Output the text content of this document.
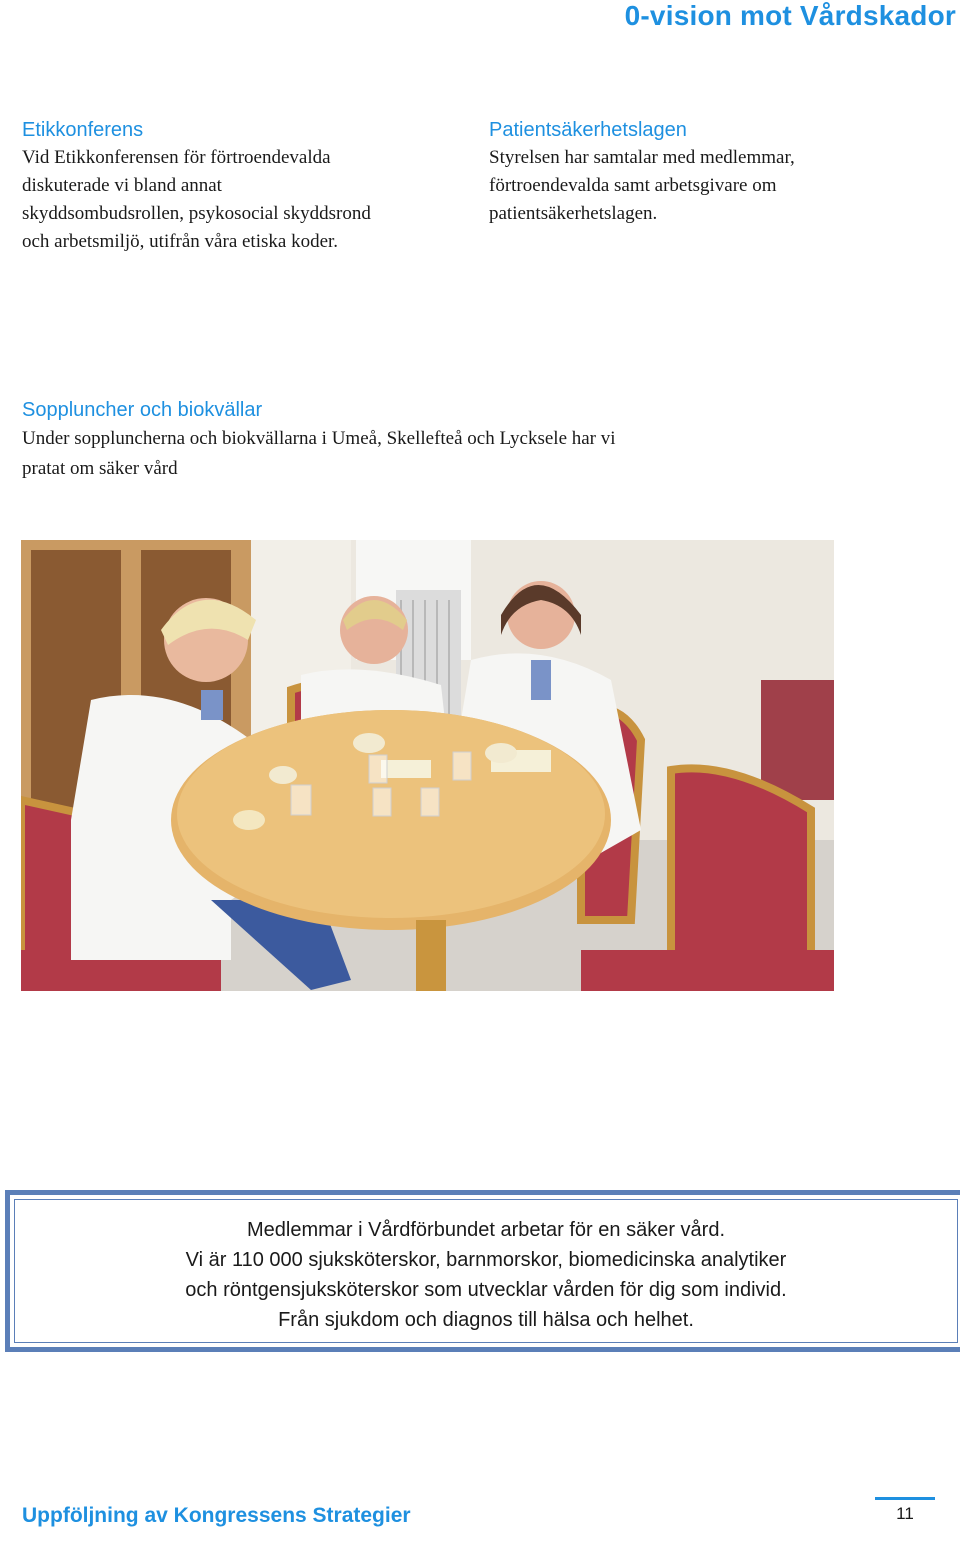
0-vision mot Vårdskador
Etikkonferens
Vid Etikkonferensen för förtroendevalda
diskuterade vi bland annat
skyddsombudsrollen, psykosocial skyddsrond
och arbetsmiljö, utifrån våra etiska koder.
Patientsäkerhetslagen
Styrelsen har samtalar med medlemmar,
förtroendevalda samt arbetsgivare om
patientsäkerhetslagen.
Soppluncher och biokvällar
Under soppluncherna och biokvällarna i Umeå, Skellefteå och Lycksele har vi
pratat om säker vård
Medlemmar i Vårdförbundet arbetar för en säker vård.
Vi är 110 000 sjuksköterskor, barnmorskor, biomedicinska analytiker
och röntgensjuksköterskor som utvecklar vården för dig som individ.
Från sjukdom och diagnos till hälsa och helhet.
Uppföljning av Kongressens Strategier	11
